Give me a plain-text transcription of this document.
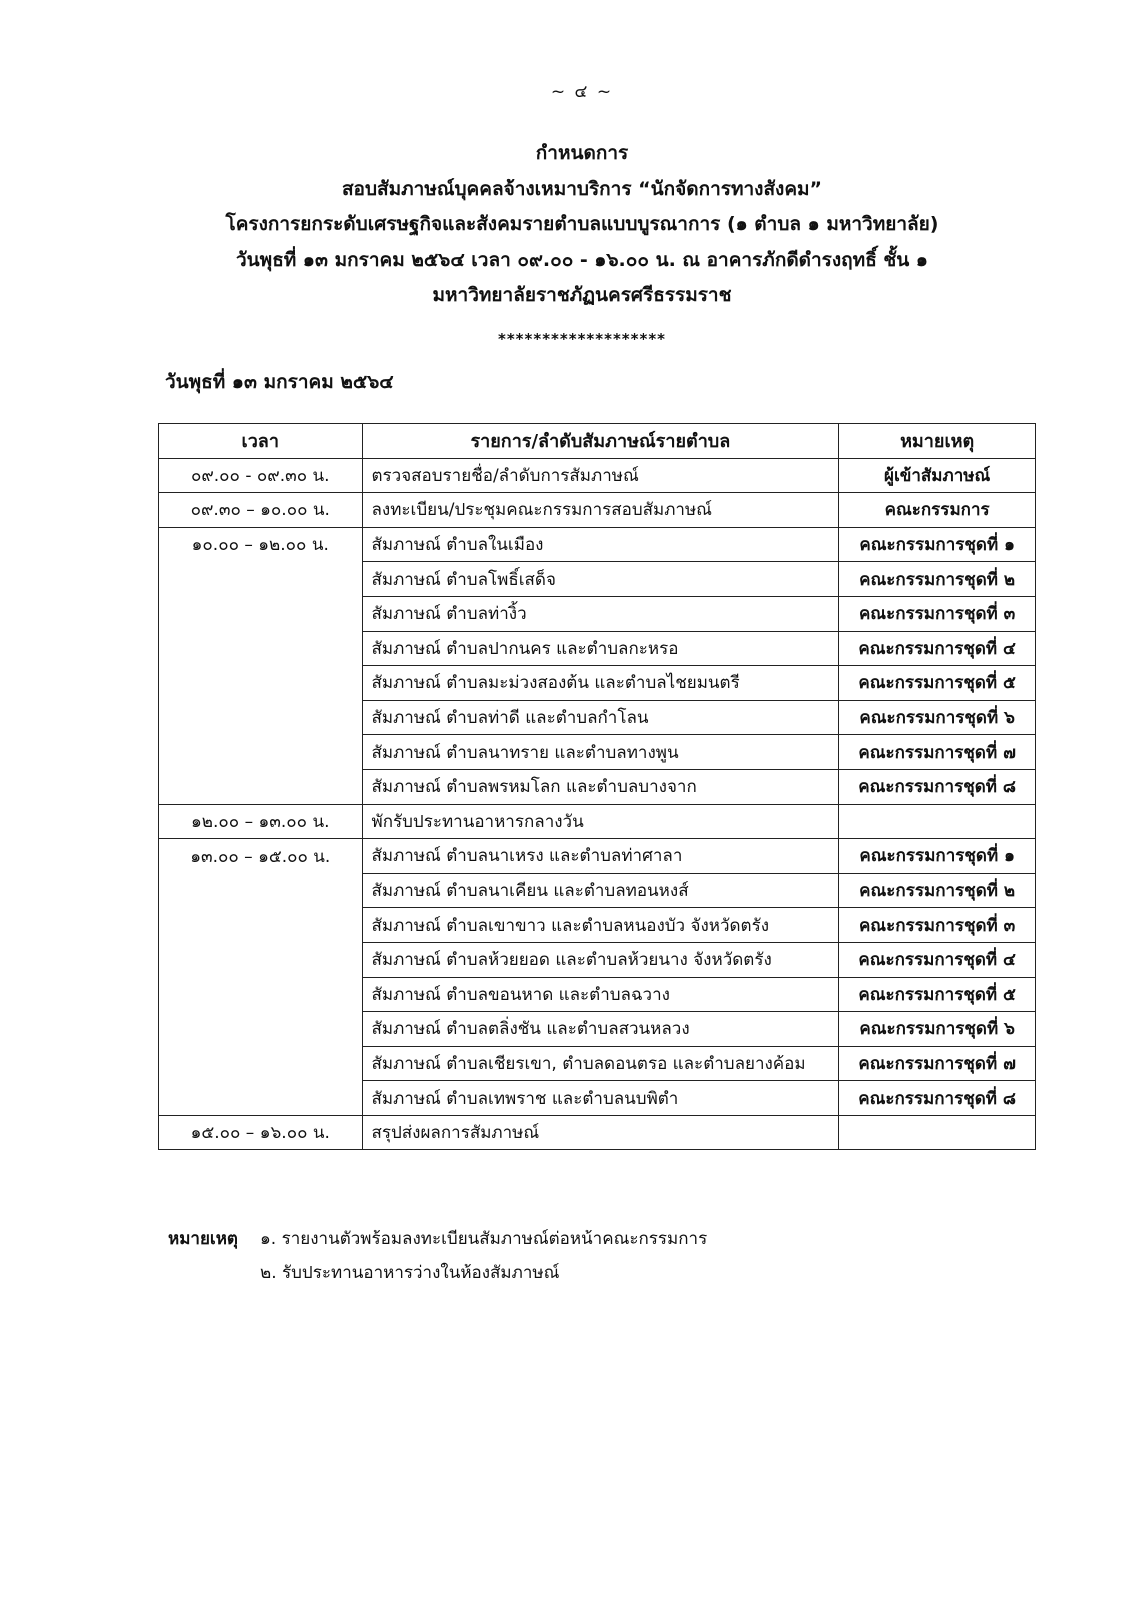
~ ๔ ~
กำหนดการ
สอบสัมภาษณ์บุคคลจ้างเหมาบริการ “นักจัดการทางสังคม”
โครงการยกระดับเศรษฐกิจและสังคมรายตำบลแบบบูรณาการ (๑ ตำบล ๑ มหาวิทยาลัย)
วันพุธที่ ๑๓ มกราคม ๒๕๖๔ เวลา ๐๙.๐๐ - ๑๖.๐๐ น. ณ อาคารภักดีดำรงฤทธิ์ ชั้น ๑
มหาวิทยาลัยราชภัฏนครศรีธรรมราช
*******************
วันพุธที่ ๑๓ มกราคม ๒๕๖๔
เวลา	รายการ/ลำดับสัมภาษณ์รายตำบล	หมายเหตุ
๐๙.๐๐ - ๐๙.๓๐ น.	ตรวจสอบรายชื่อ/ลำดับการสัมภาษณ์	ผู้เข้าสัมภาษณ์
๐๙.๓๐ – ๑๐.๐๐ น.	ลงทะเบียน/ประชุมคณะกรรมการสอบสัมภาษณ์	คณะกรรมการ
๑๐.๐๐ – ๑๒.๐๐ น.	สัมภาษณ์ ตำบลในเมือง	คณะกรรมการชุดที่ ๑
	สัมภาษณ์ ตำบลโพธิ์เสด็จ	คณะกรรมการชุดที่ ๒
	สัมภาษณ์ ตำบลท่างิ้ว	คณะกรรมการชุดที่ ๓
	สัมภาษณ์ ตำบลปากนคร และตำบลกะหรอ	คณะกรรมการชุดที่ ๔
	สัมภาษณ์ ตำบลมะม่วงสองต้น และตำบลไชยมนตรี	คณะกรรมการชุดที่ ๕
	สัมภาษณ์ ตำบลท่าดี และตำบลกำโลน	คณะกรรมการชุดที่ ๖
	สัมภาษณ์ ตำบลนาทราย และตำบลทางพูน	คณะกรรมการชุดที่ ๗
	สัมภาษณ์ ตำบลพรหมโลก และตำบลบางจาก	คณะกรรมการชุดที่ ๘
๑๒.๐๐ – ๑๓.๐๐ น.	พักรับประทานอาหารกลางวัน	
๑๓.๐๐ – ๑๕.๐๐ น.	สัมภาษณ์ ตำบลนาเหรง และตำบลท่าศาลา	คณะกรรมการชุดที่ ๑
	สัมภาษณ์ ตำบลนาเคียน และตำบลทอนหงส์	คณะกรรมการชุดที่ ๒
	สัมภาษณ์ ตำบลเขาขาว และตำบลหนองบัว จังหวัดตรัง	คณะกรรมการชุดที่ ๓
	สัมภาษณ์ ตำบลห้วยยอด และตำบลห้วยนาง จังหวัดตรัง	คณะกรรมการชุดที่ ๔
	สัมภาษณ์ ตำบลขอนหาด และตำบลฉวาง	คณะกรรมการชุดที่ ๕
	สัมภาษณ์ ตำบลตลิ่งชัน และตำบลสวนหลวง	คณะกรรมการชุดที่ ๖
	สัมภาษณ์ ตำบลเชียรเขา, ตำบลดอนตรอ และตำบลยางค้อม	คณะกรรมการชุดที่ ๗
	สัมภาษณ์ ตำบลเทพราช และตำบลนบพิตำ	คณะกรรมการชุดที่ ๘
๑๕.๐๐ – ๑๖.๐๐ น.	สรุปส่งผลการสัมภาษณ์	
หมายเหตุ ๑. รายงานตัวพร้อมลงทะเบียนสัมภาษณ์ต่อหน้าคณะกรรมการ
๒. รับประทานอาหารว่างในห้องสัมภาษณ์
